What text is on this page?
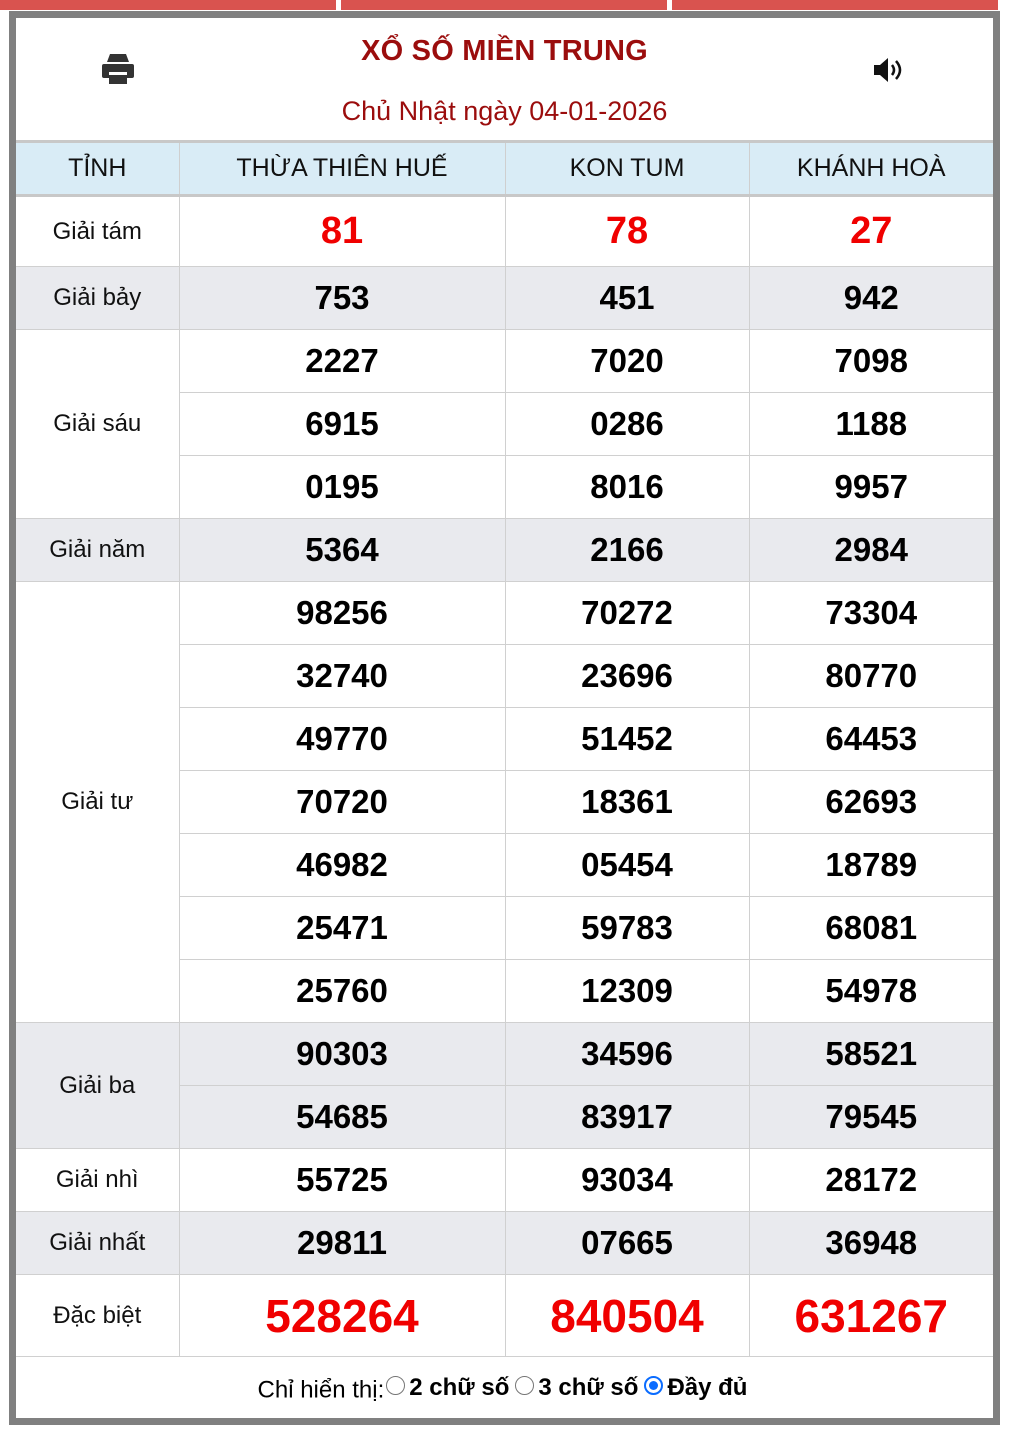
XỔ SỐ MIỀN TRUNG
Chủ Nhật ngày 04-01-2026
TỈNH	THỪA THIÊN HUẾ	KON TUM	KHÁNH HOÀ
Giải tám	81	78	27
Giải bảy	753	451	942
Giải sáu	2227	7020	7098
	6915	0286	1188
	0195	8016	9957
Giải năm	5364	2166	2984
Giải tư	98256	70272	73304
	32740	23696	80770
	49770	51452	64453
	70720	18361	62693
	46982	05454	18789
	25471	59783	68081
	25760	12309	54978
Giải ba	90303	34596	58521
	54685	83917	79545
Giải nhì	55725	93034	28172
Giải nhất	29811	07665	36948
Đặc biệt	528264	840504	631267
Chỉ hiển thị: 2 chữ số 3 chữ số Đầy đủ
